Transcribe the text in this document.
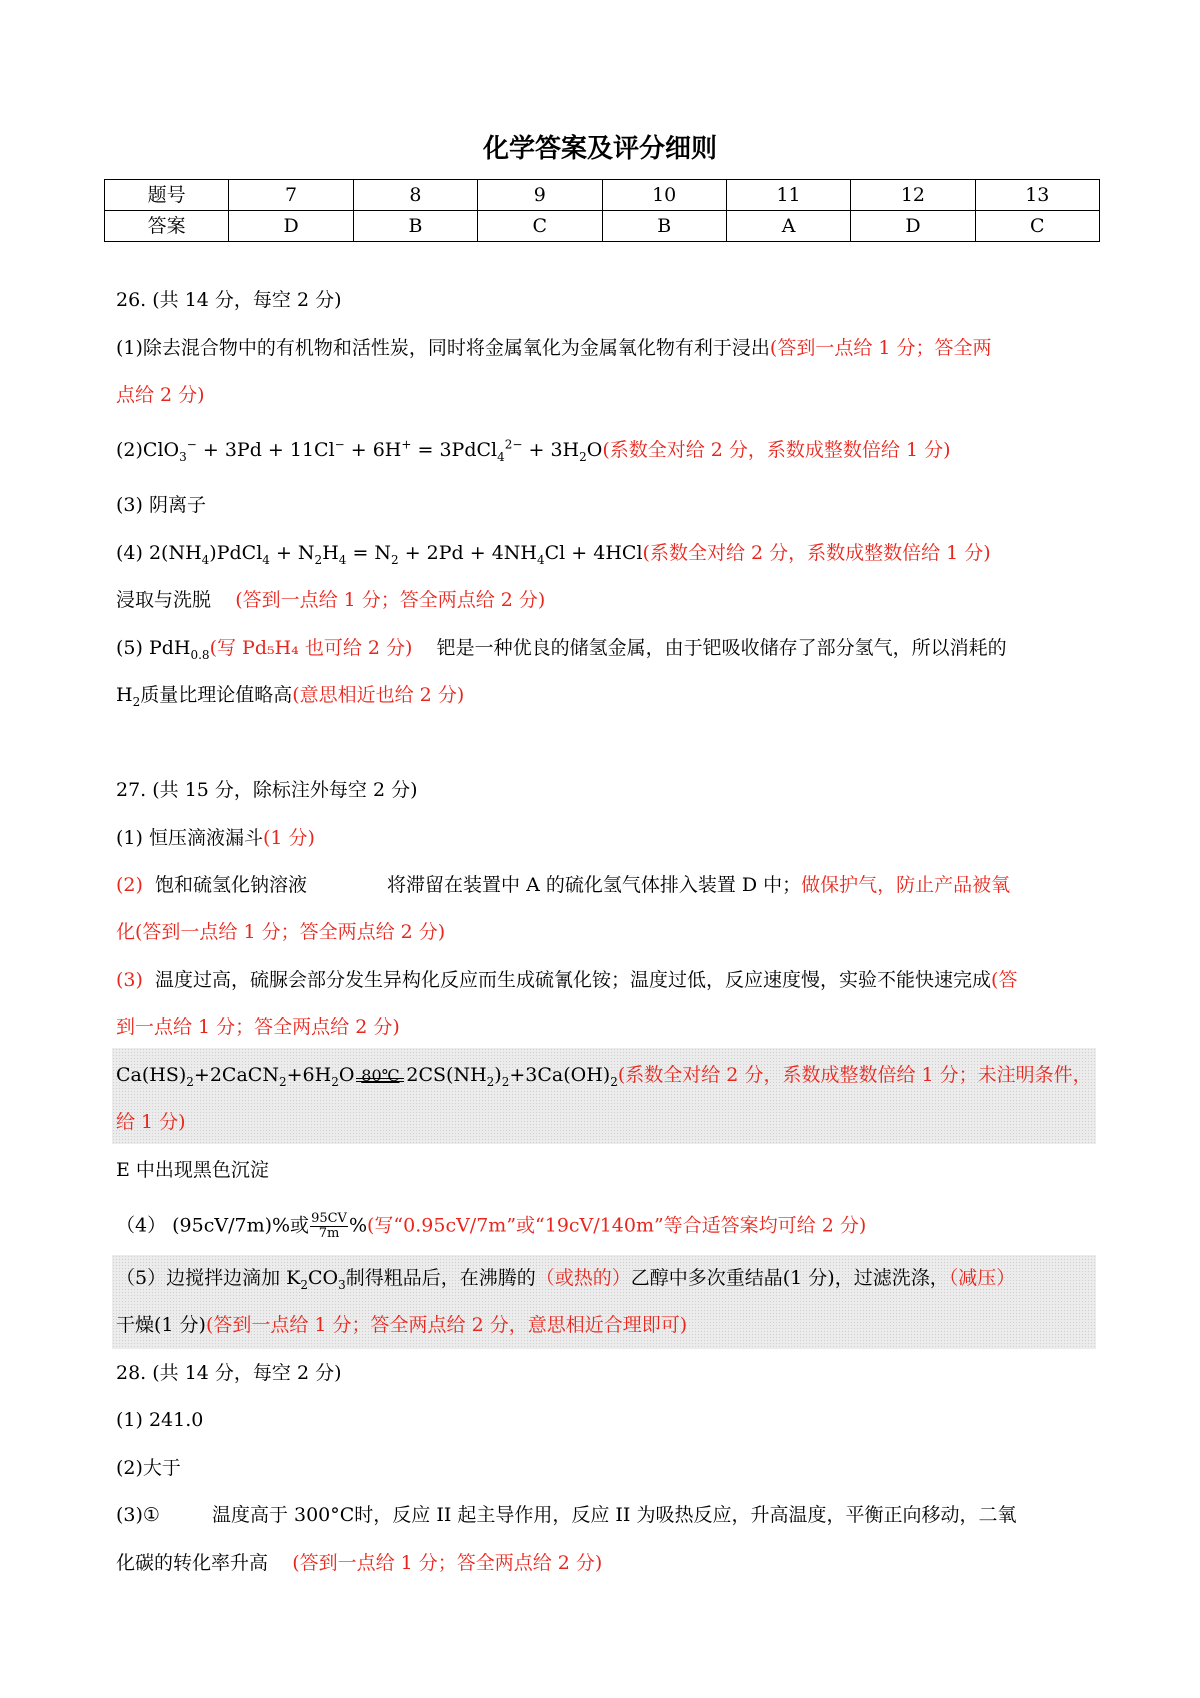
化学答案及评分细则
题号	7	8	9	10	11	12	13
答案	D	B	C	B	A	D	C
26. (共 14 分，每空 2 分)
(1)除去混合物中的有机物和活性炭，同时将金属氧化为金属氧化物有利于浸出(答到一点给 1 分；答全两
点给 2 分)
(2)ClO$_3$− + 3Pd + 11Cl− + 6H+ = 3PdCl$_4^{2-}$ + $3H_2O$(系数全对给 2 分，系数成整数倍给 1 分)
(3) 阴离子
(4) $2(NH_4)PdCl_4 + N_2H_4 = N_2 + 2Pd + 4NH_4Cl + 4HCl$(系数全对给 2 分，系数成整数倍给 1 分)
浸取与洗脱 (答到一点给 1 分；答全两点给 2 分)
(5) PdH$_{0.8}$(写 Pd₅H₄ 也可给 2 分) 钯是一种优良的储氢金属，由于钯吸收储存了部分氢气，所以消耗的
$H_2$质量比理论值略高(意思相近也给 2 分)
27. (共 15 分，除标注外每空 2 分)
(1) 恒压滴液漏斗(1 分)
(2) 饱和硫氢化钠溶液	将滞留在装置中 A 的硫化氢气体排入装置 D 中；做保护气，防止产品被氧
化(答到一点给 1 分；答全两点给 2 分)
(3) 温度过高，硫脲会部分发生异构化反应而生成硫氰化铵；温度过低，反应速度慢，实验不能快速完成(答
到一点给 1 分；答全两点给 2 分)
$Ca(HS)_2+2CaCN_2+6H_2O$ 80℃ $2CS(NH_2)_2+3Ca(OH)_2$(系数全对给 2 分，系数成整数倍给 1 分；未注明条件，
给 1 分)
E 中出现黑色沉淀
（4） (95cV/7m)%或 $\frac{95CV}{7m}$ %(写“0.95cV/7m”或“19cV/140m”等合适答案均可给 2 分)
（5）边搅拌边滴加 $K_2CO_3$制得粗品后，在沸腾的（或热的）乙醇中多次重结晶(1 分)，过滤洗涤，（减压）
干燥(1 分)(答到一点给 1 分；答全两点给 2 分，意思相近合理即可)
28. (共 14 分，每空 2 分)
(1) 241.0
(2)大于
(3)①	温度高于 300°C时，反应 II 起主导作用，反应 II 为吸热反应，升高温度，平衡正向移动，二氧
化碳的转化率升高 (答到一点给 1 分；答全两点给 2 分)
